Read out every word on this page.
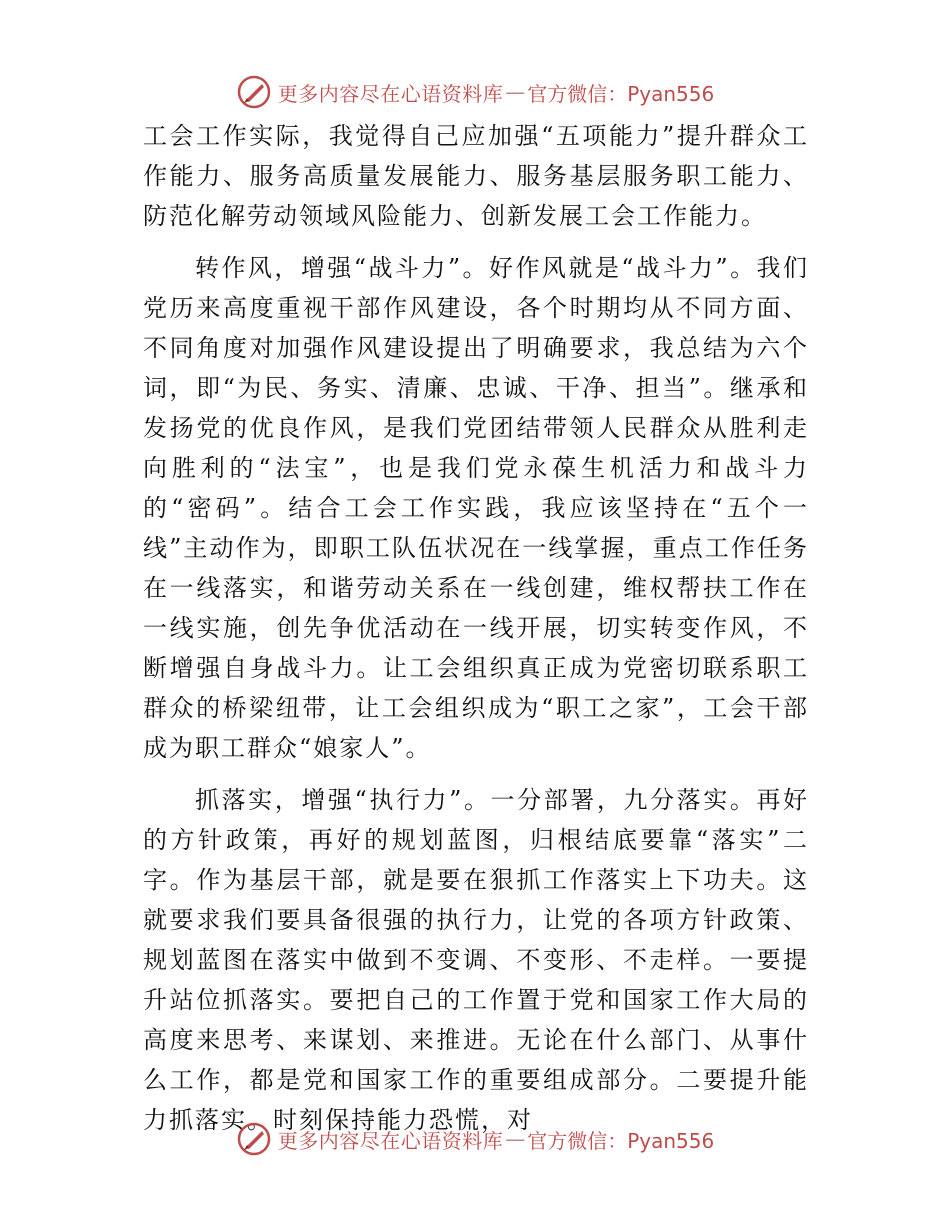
更多内容尽在心语资料库 — 官方微信：Pyan556

工会工作实际，我觉得自己应加强“五项能力”提升群众工作能力、服务高质量发展能力、服务基层服务职工能力、防范化解劳动领域风险能力、创新发展工会工作能力。

转作风，增强“战斗力”。好作风就是“战斗力”。我们党历来高度重视干部作风建设，各个时期均从不同方面、不同角度对加强作风建设提出了明确要求，我总结为六个词，即“为民、务实、清廉、忠诚、干净、担当”。继承和发扬党的优良作风，是我们党团结带领人民群众从胜利走向胜利的“法宝”，也是我们党永葆生机活力和战斗力的“密码”。结合工会工作实践，我应该坚持在“五个一线”主动作为，即职工队伍状况在一线掌握，重点工作任务在一线落实，和谐劳动关系在一线创建，维权帮扶工作在一线实施，创先争优活动在一线开展，切实转变作风，不断增强自身战斗力。让工会组织真正成为党密切联系职工群众的桥梁纽带，让工会组织成为“职工之家”，工会干部成为职工群众“娘家人”。

抓落实，增强“执行力”。一分部署，九分落实。再好的方针政策，再好的规划蓝图，归根结底要靠“落实”二字。作为基层干部，就是要在狠抓工作落实上下功夫。这就要求我们要具备很强的执行力，让党的各项方针政策、规划蓝图在落实中做到不变调、不变形、不走样。一要提升站位抓落实。要把自己的工作置于党和国家工作大局的高度来思考、来谋划、来推进。无论在什么部门、从事什么工作，都是党和国家工作的重要组成部分。二要提升能力抓落实。时刻保持能力恐慌，对

更多内容尽在心语资料库 — 官方微信：Pyan556
